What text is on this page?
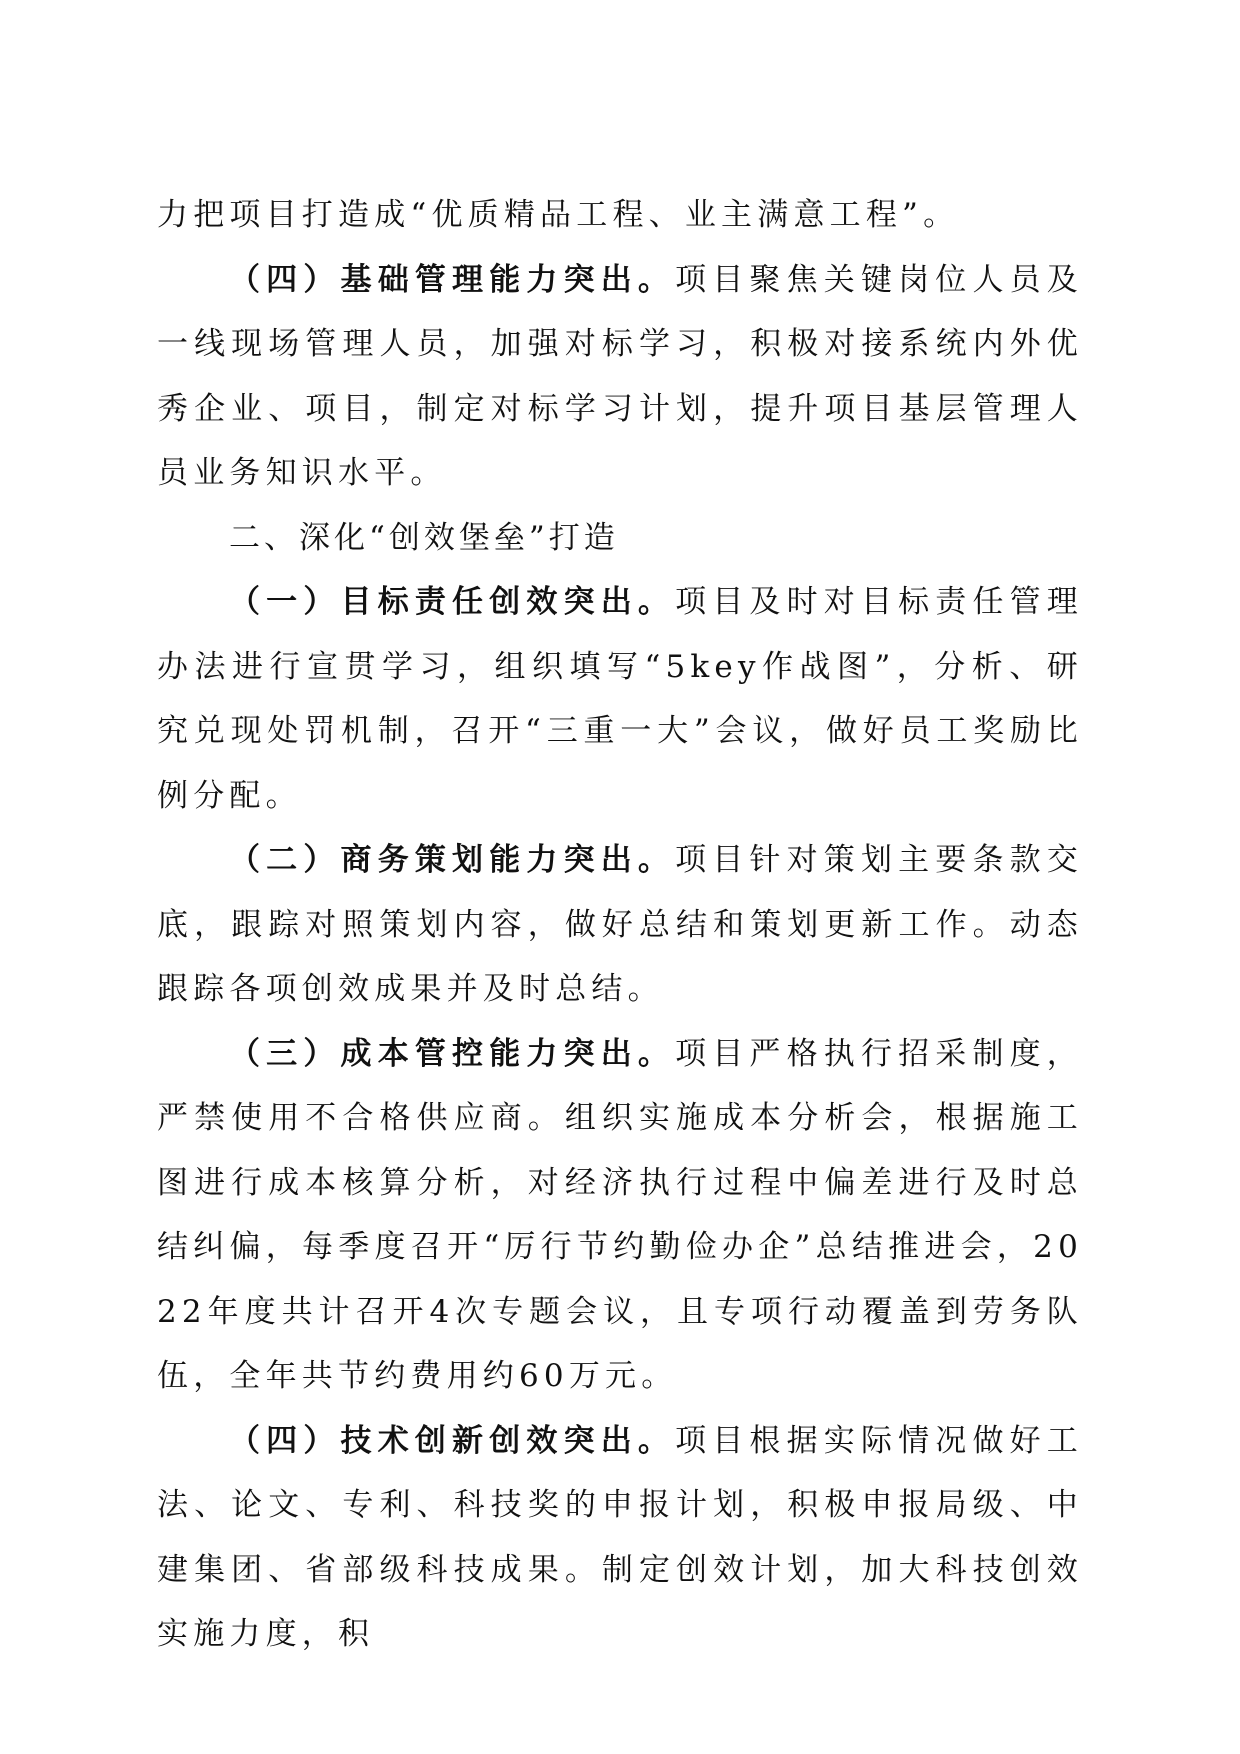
力把项目打造成“优质精品工程、业主满意工程”。

（四）基础管理能力突出。项目聚焦关键岗位人员及一线现场管理人员，加强对标学习，积极对接系统内外优秀企业、项目，制定对标学习计划，提升项目基层管理人员业务知识水平。

二、深化“创效堡垒”打造

（一）目标责任创效突出。项目及时对目标责任管理办法进行宣贯学习，组织填写“5key作战图”，分析、研究兑现处罚机制，召开“三重一大”会议，做好员工奖励比例分配。

（二）商务策划能力突出。项目针对策划主要条款交底，跟踪对照策划内容，做好总结和策划更新工作。动态跟踪各项创效成果并及时总结。

（三）成本管控能力突出。项目严格执行招采制度，严禁使用不合格供应商。组织实施成本分析会，根据施工图进行成本核算分析，对经济执行过程中偏差进行及时总结纠偏，每季度召开“厉行节约勤俭办企”总结推进会，2022年度共计召开4次专题会议，且专项行动覆盖到劳务队伍，全年共节约费用约60万元。

（四）技术创新创效突出。项目根据实际情况做好工法、论文、专利、科技奖的申报计划，积极申报局级、中建集团、省部级科技成果。制定创效计划，加大科技创效实施力度，积
